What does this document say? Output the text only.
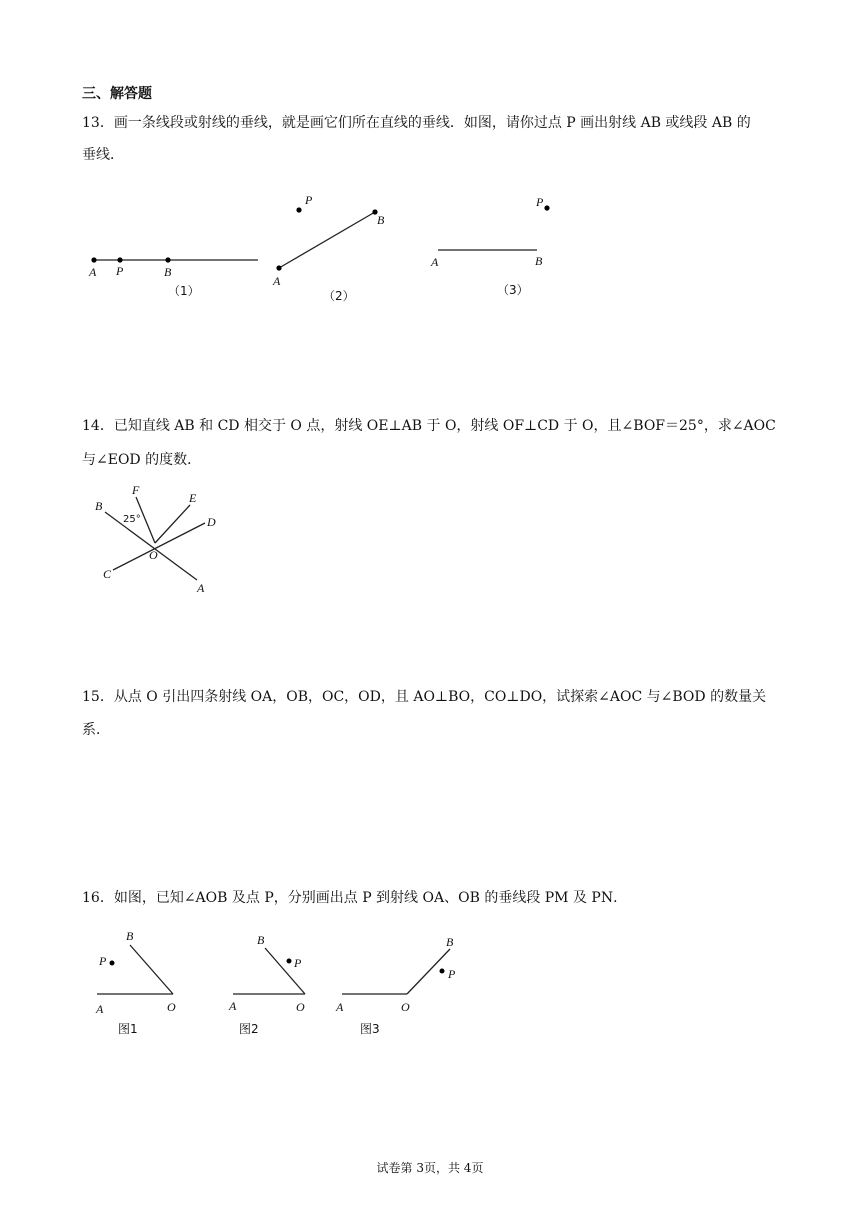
三、解答题
13．画一条线段或射线的垂线，就是画它们所在直线的垂线．如图，请你过点 P 画出射线 AB 或线段 AB 的
垂线．
A P	B
（1）
P
A
B
（2）
P
A	B
（3）
14．已知直线 AB 和 CD 相交于 O 点，射线 OE⊥AB 于 O，射线 OF⊥CD 于 O，且∠BOF＝25°，求∠AOC
与∠EOD 的度数．
B
F
E
D
C
O
A
25°
15．从点 O 引出四条射线 OA，OB，OC，OD，且 AO⊥BO，CO⊥DO，试探索∠AOC 与∠BOD 的数量关
系．
16．如图，已知∠AOB 及点 P，分别画出点 P 到射线 OA、OB 的垂线段 PM 及 PN．
B
P
A	O
图1
B
P
A	O
图2
B
P
A	O
图3
试卷第 3页，共 4页
